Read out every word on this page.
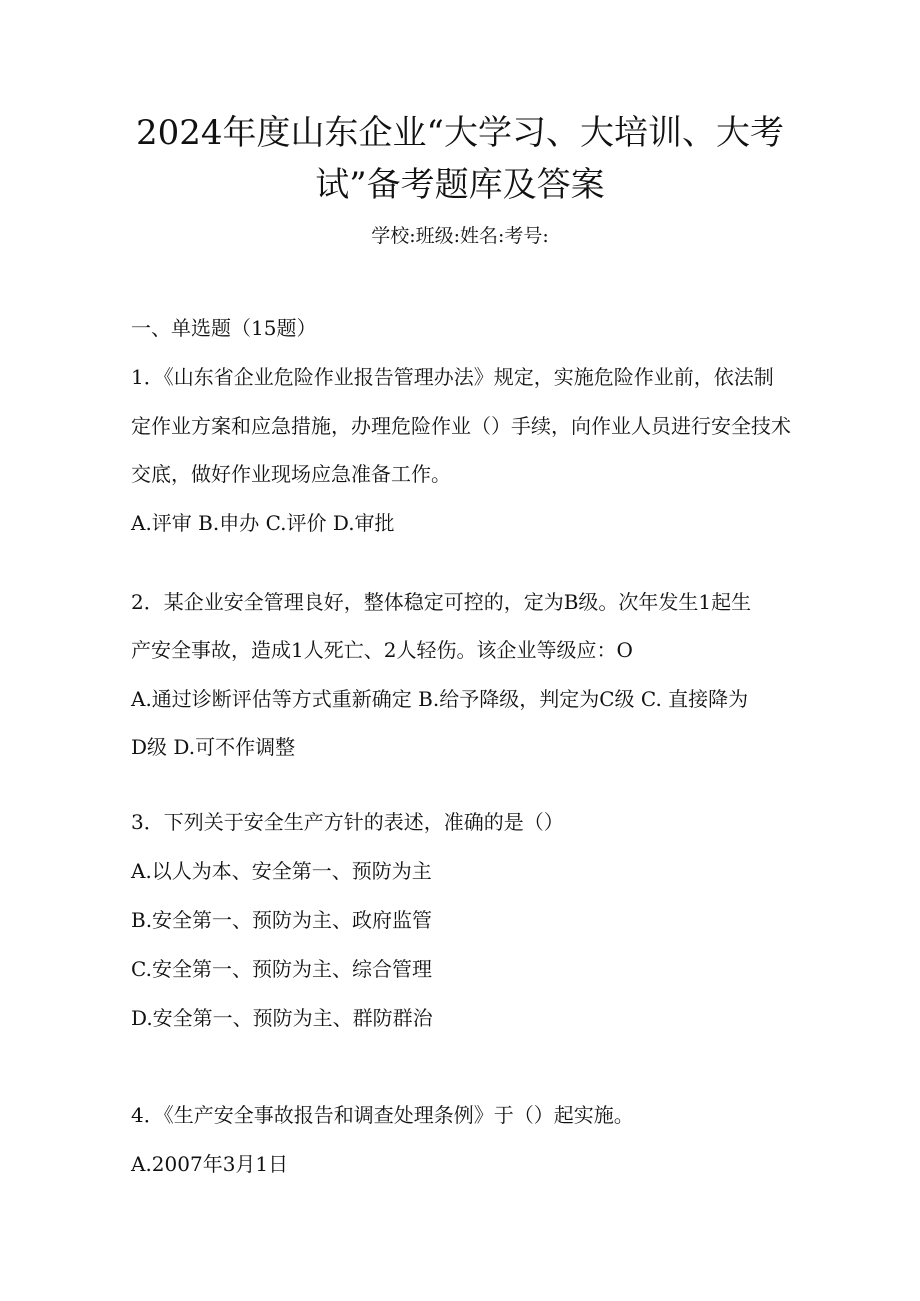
2024年度山东企业“大学习、大培训、大考
试”备考题库及答案
学校:班级:姓名:考号:
一、单选题（15题）
1．《山东省企业危险作业报告管理办法》规定，实施危险作业前，依法制
定作业方案和应急措施，办理危险作业（）手续，向作业人员进行安全技术
交底，做好作业现场应急准备工作。
A.评审 B.申办 C.评价 D.审批
2．某企业安全管理良好，整体稳定可控的，定为B级。次年发生1起生
产安全事故，造成1人死亡、2人轻伤。该企业等级应：O
A.通过诊断评估等方式重新确定 B.给予降级，判定为C级 C. 直接降为
D级 D.可不作调整
3．下列关于安全生产方针的表述，准确的是（）
A.以人为本、安全第一、预防为主
B.安全第一、预防为主、政府监管
C.安全第一、预防为主、综合管理
D.安全第一、预防为主、群防群治
4．《生产安全事故报告和调查处理条例》于（）起实施。
A.2007年3月1日
